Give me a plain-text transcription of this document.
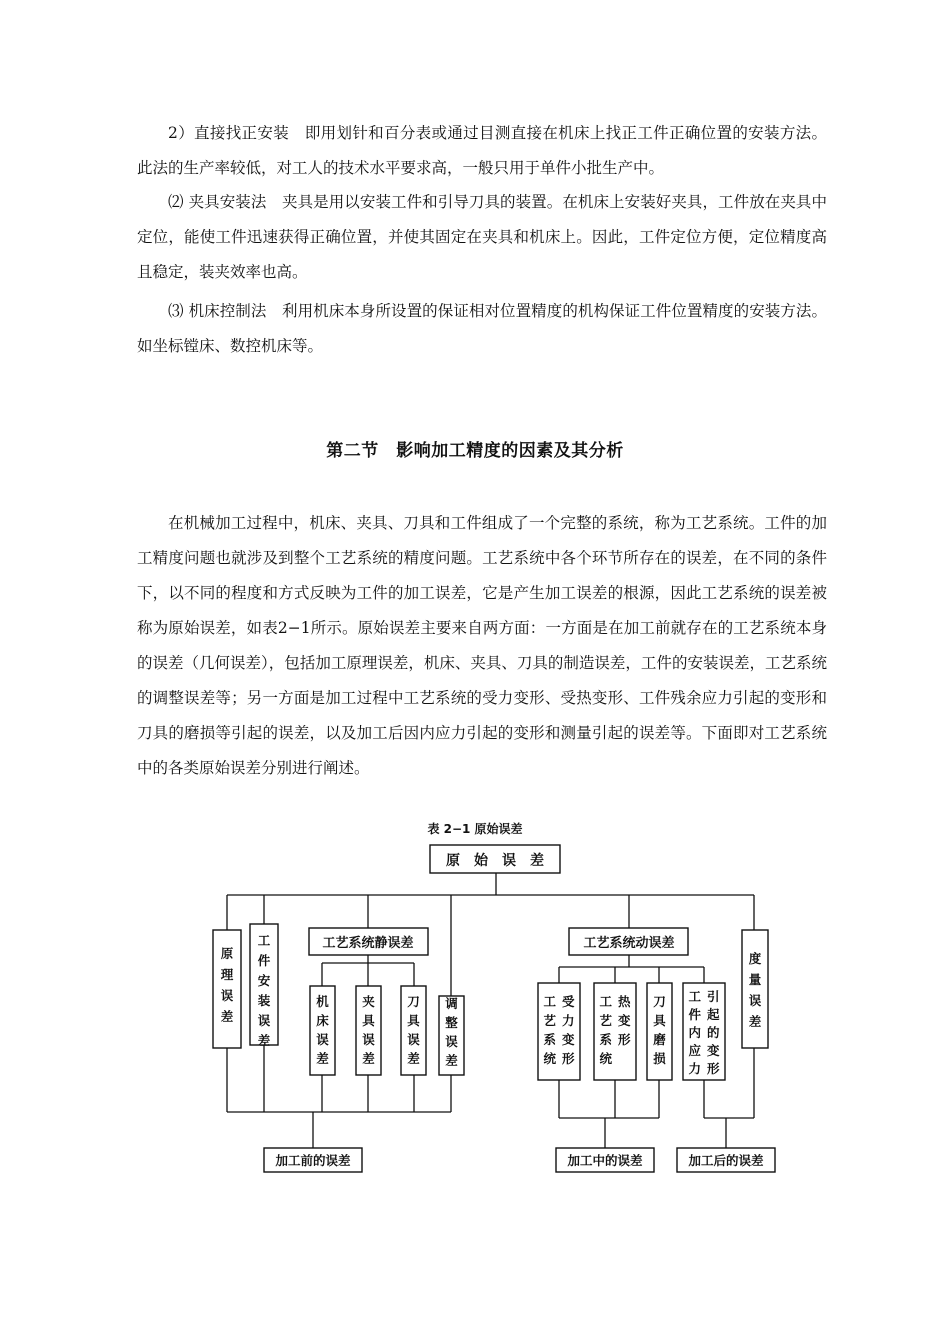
2）直接找正安装　即用划针和百分表或通过目测直接在机床上找正工件正确位置的安装方法。此法的生产率较低，对工人的技术水平要求高，一般只用于单件小批生产中。

⑵ 夹具安装法　夹具是用以安装工件和引导刀具的装置。在机床上安装好夹具，工件放在夹具中定位，能使工件迅速获得正确位置，并使其固定在夹具和机床上。因此，工件定位方便，定位精度高且稳定，装夹效率也高。

⑶ 机床控制法　利用机床本身所设置的保证相对位置精度的机构保证工件位置精度的安装方法。如坐标镗床、数控机床等。

第二节　影响加工精度的因素及其分析

在机械加工过程中，机床、夹具、刀具和工件组成了一个完整的系统，称为工艺系统。工件的加工精度问题也就涉及到整个工艺系统的精度问题。工艺系统中各个环节所存在的误差，在不同的条件下，以不同的程度和方式反映为工件的加工误差，它是产生加工误差的根源，因此工艺系统的误差被称为原始误差，如表2−1所示。原始误差主要来自两方面：一方面是在加工前就存在的工艺系统本身的误差（几何误差），包括加工原理误差，机床、夹具、刀具的制造误差，工件的安装误差，工艺系统的调整误差等；另一方面是加工过程中工艺系统的受力变形、受热变形、工件残余应力引起的变形和刀具的磨损等引起的误差，以及加工后因内应力引起的变形和测量引起的误差等。下面即对工艺系统中的各类原始误差分别进行阐述。

表 2−1 原始误差
原　始　误　差
工艺系统静误差	工艺系统动误差
原
理
误
差
工
件
安
装
误
差
机
床
误
差
夹
具
误
差
刀
具
误
差
调
整
误
差
工
艺
系
统
受
力
变
形
工
艺
系
统
热
变
形
刀
具
磨
损
工
件
内
应
力
引
起
的
变
形
度
量
误
差
加工前的误差	加工中的误差	加工后的误差
